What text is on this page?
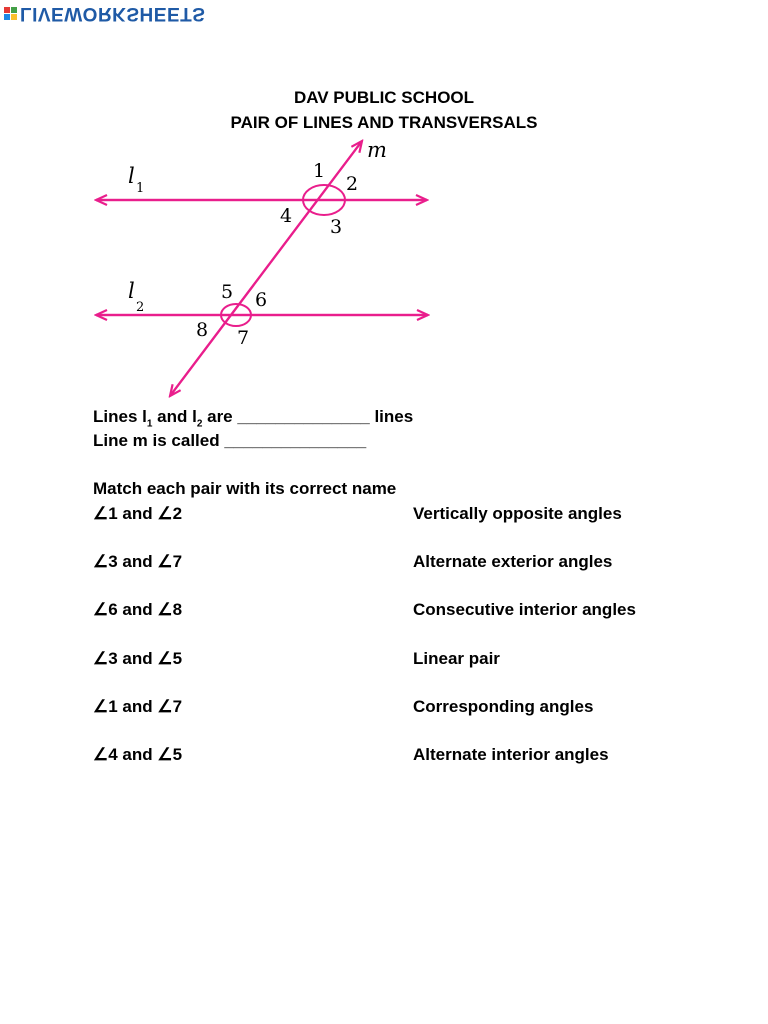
LIVEWORKSHEETS
DAV PUBLIC SCHOOL
PAIR OF LINES AND TRANSVERSALS
l
1
l
2
m
1
2
3
4
5 6
7
8
Lines $l_1$ and $l_2$ are ______________ lines
Line m is called _______________
Match each pair with its correct name
∠1 and ∠2	Vertically opposite angles
∠3 and ∠7	Alternate exterior angles
∠6 and ∠8	Consecutive interior angles
∠3 and ∠5	Linear pair
∠1 and ∠7	Corresponding angles
∠4 and ∠5	Alternate interior angles
